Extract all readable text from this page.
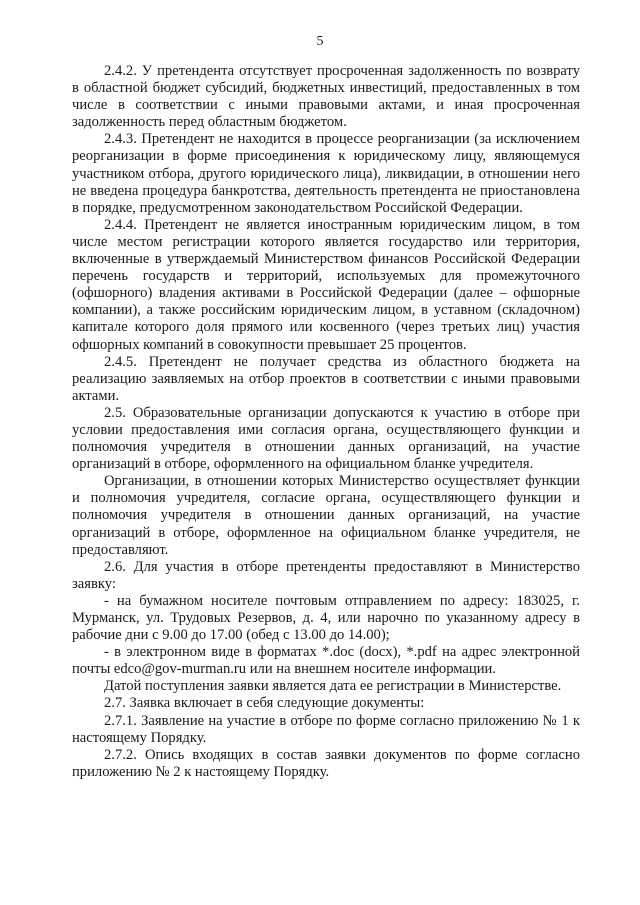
5

2.4.2. У претендента отсутствует просроченная задолженность по возврату в областной бюджет субсидий, бюджетных инвестиций, предоставленных в том числе в соответствии с иными правовыми актами, и иная просроченная задолженность перед областным бюджетом.

2.4.3. Претендент не находится в процессе реорганизации (за исключением реорганизации в форме присоединения к юридическому лицу, являющемуся участником отбора, другого юридического лица), ликвидации, в отношении него не введена процедура банкротства, деятельность претендента не приостановлена в порядке, предусмотренном законодательством Российской Федерации.

2.4.4. Претендент не является иностранным юридическим лицом, в том числе местом регистрации которого является государство или территория, включенные в утверждаемый Министерством финансов Российской Федерации перечень государств и территорий, используемых для промежуточного (офшорного) владения активами в Российской Федерации (далее – офшорные компании), а также российским юридическим лицом, в уставном (складочном) капитале которого доля прямого или косвенного (через третьих лиц) участия офшорных компаний в совокупности превышает 25 процентов.

2.4.5. Претендент не получает средства из областного бюджета на реализацию заявляемых на отбор проектов в соответствии с иными правовыми актами.

2.5. Образовательные организации допускаются к участию в отборе при условии предоставления ими согласия органа, осуществляющего функции и полномочия учредителя в отношении данных организаций, на участие организаций в отборе, оформленного на официальном бланке учредителя.

Организации, в отношении которых Министерство осуществляет функции и полномочия учредителя, согласие органа, осуществляющего функции и полномочия учредителя в отношении данных организаций, на участие организаций в отборе, оформленное на официальном бланке учредителя, не предоставляют.

2.6. Для участия в отборе претенденты предоставляют в Министерство заявку:

- на бумажном носителе почтовым отправлением по адресу: 183025, г. Мурманск, ул. Трудовых Резервов, д. 4, или нарочно по указанному адресу в рабочие дни с 9.00 до 17.00 (обед с 13.00 до 14.00);

- в электронном виде в форматах *.doc (docx), *.pdf на адрес электронной почты edco@gov-murman.ru или на внешнем носителе информации.

Датой поступления заявки является дата ее регистрации в Министерстве.

2.7. Заявка включает в себя следующие документы:

2.7.1. Заявление на участие в отборе по форме согласно приложению № 1 к настоящему Порядку.

2.7.2. Опись входящих в состав заявки документов по форме согласно приложению № 2 к настоящему Порядку.
